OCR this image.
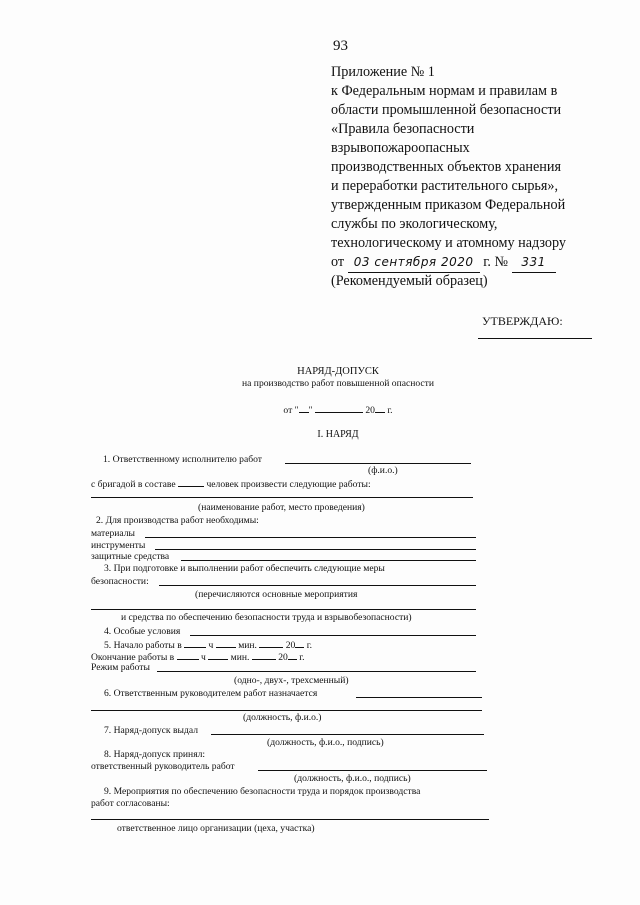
93
Приложение № 1
к Федеральным нормам и правилам в
области промышленной безопасности
«Правила безопасности
взрывопожароопасных
производственных объектов хранения
и переработки растительного сырья»,
утвержденным приказом Федеральной
службы по экологическому,
технологическому и атомному надзору
от 03 сентября 2020 г. № 331
(Рекомендуемый образец)
УТВЕРЖДАЮ:
НАРЯД-ДОПУСК
на производство работ повышенной опасности
от " "	20 г.
I. НАРЯД
1. Ответственному исполнителю работ
(ф.и.о.)
с бригадой в составе	человек произвести следующие работы:
(наименование работ, место проведения)
2. Для производства работ необходимы:
материалы
инструменты
защитные средства
3. При подготовке и выполнении работ обеспечить следующие меры
безопасности:
(перечисляются основные мероприятия
и средства по обеспечению безопасности труда и взрывобезопасности)
4. Особые условия
5. Начало работы в	ч	мин.	20 г.
Окончание работы в	ч	мин.	20 г.
Режим работы
(одно-, двух-, трехсменный)
6. Ответственным руководителем работ назначается
(должность, ф.и.о.)
7. Наряд-допуск выдал
(должность, ф.и.о., подпись)
8. Наряд-допуск принял:
ответственный руководитель работ
(должность, ф.и.о., подпись)
9. Мероприятия по обеспечению безопасности труда и порядок производства
работ согласованы:
ответственное лицо организации (цеха, участка)
